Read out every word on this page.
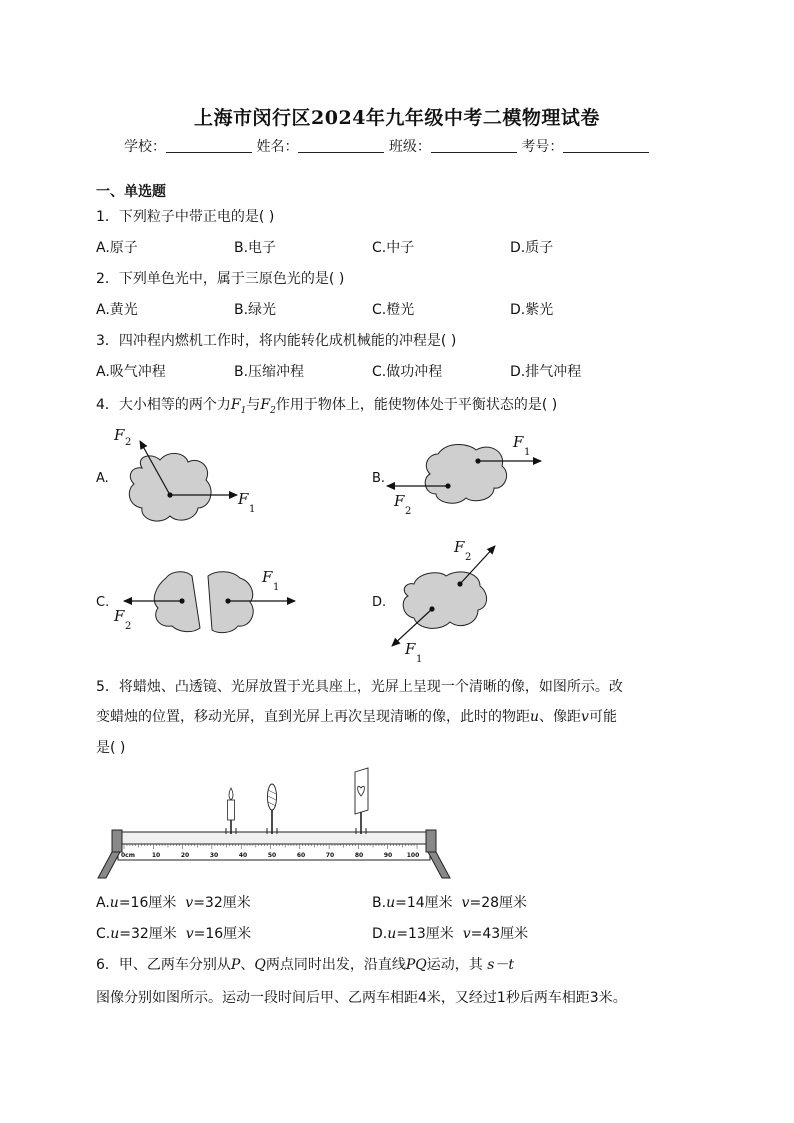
上海市闵行区2024年九年级中考二模物理试卷
学校：	姓名：	班级：	考号：
一、单选题
1．下列粒子中带正电的是( )
A.原子	B.电子	C.中子	D.质子
2．下列单色光中，属于三原色光的是( )
A.黄光	B.绿光	C.橙光	D.紫光
3．四冲程内燃机工作时，将内能转化成机械能的冲程是( )
A.吸气冲程	B.压缩冲程	C.做功冲程	D.排气冲程
4．大小相等的两个力$F_1$与$F_2$作用于物体上，能使物体处于平衡状态的是( )
A.
F 2
F
1
B.
F
1
F
2
C.
F
1
F
2
D.
F
2
F
1
5．将蜡烛、凸透镜、光屏放置于光具座上，光屏上呈现一个清晰的像，如图所示。改
变蜡烛的位置，移动光屏，直到光屏上再次呈现清晰的像，此时的物距u、像距v可能
是( )
0cm	10	20	30	40	50	60	70	80	90 100
A.u=16厘米 v=32厘米	B.u=14厘米 v=28厘米
C.u=32厘米 v=16厘米	D.u=13厘米 v=43厘米
6．甲、乙两车分别从P、Q两点同时出发，沿直线PQ运动，其 s－t
图像分别如图所示。运动一段时间后甲、乙两车相距4米，又经过1秒后两车相距3米。
